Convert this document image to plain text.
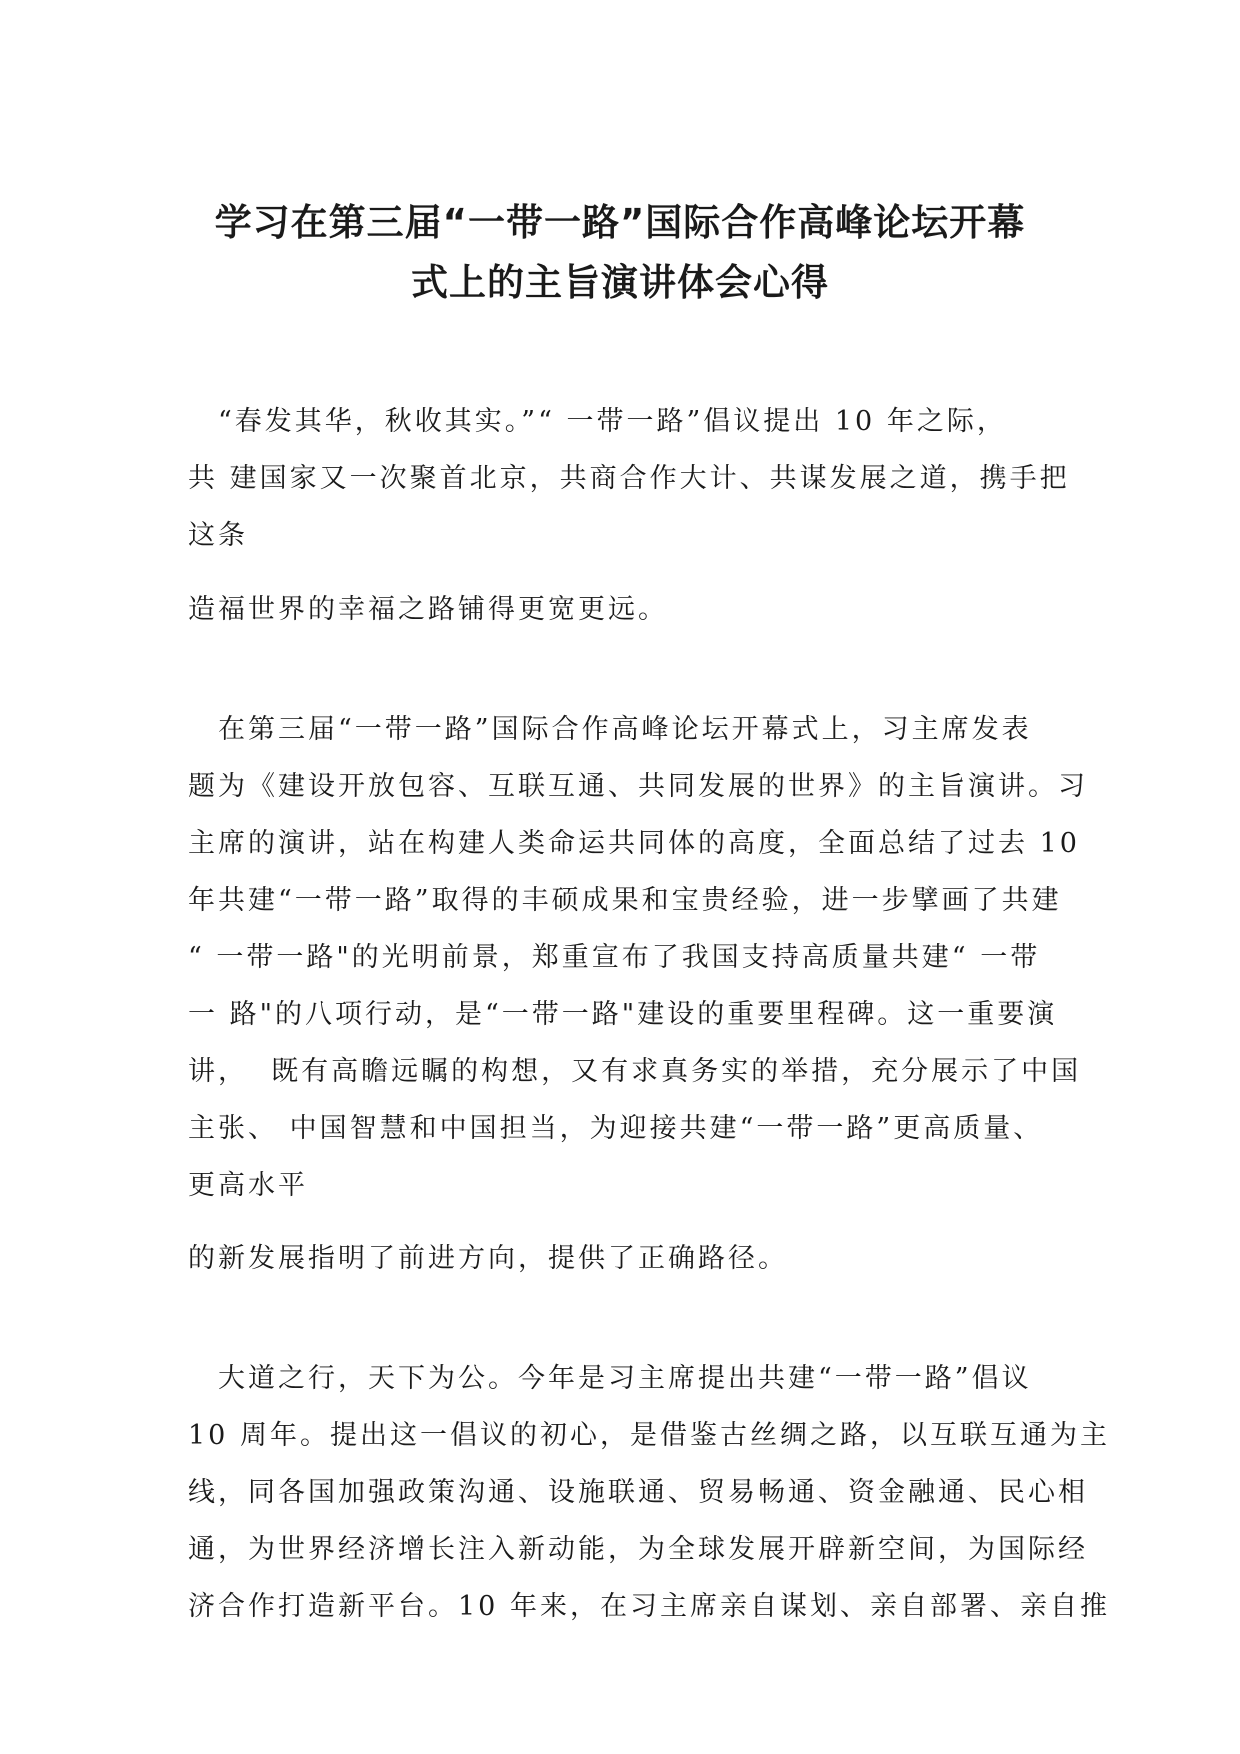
学习在第三届“一带一路”国际合作高峰论坛开幕
式上的主旨演讲体会心得
　“春发其华，秋收其实。”“ 一带一路”倡议提出 10 年之际，
共 建国家又一次聚首北京，共商合作大计、共谋发展之道，携手把
这条
造福世界的幸福之路铺得更宽更远。
　在第三届“一带一路”国际合作高峰论坛开幕式上，习主席发表
题为《建设开放包容、互联互通、共同发展的世界》的主旨演讲。习
主席的演讲，站在构建人类命运共同体的高度，全面总结了过去 10
年共建“一带一路”取得的丰硕成果和宝贵经验，进一步擘画了共建
“ 一带一路"的光明前景，郑重宣布了我国支持高质量共建“ 一带
一 路"的八项行动，是“一带一路"建设的重要里程碑。这一重要演
讲，  既有高瞻远瞩的构想，又有求真务实的举措，充分展示了中国
主张、 中国智慧和中国担当，为迎接共建“一带一路”更高质量、
更高水平
的新发展指明了前进方向，提供了正确路径。
　大道之行，天下为公。今年是习主席提出共建“一带一路”倡议
10 周年。提出这一倡议的初心，是借鉴古丝绸之路，以互联互通为主
线，同各国加强政策沟通、设施联通、贸易畅通、资金融通、民心相
通，为世界经济增长注入新动能，为全球发展开辟新空间，为国际经
济合作打造新平台。10 年来，在习主席亲自谋划、亲自部署、亲自推
